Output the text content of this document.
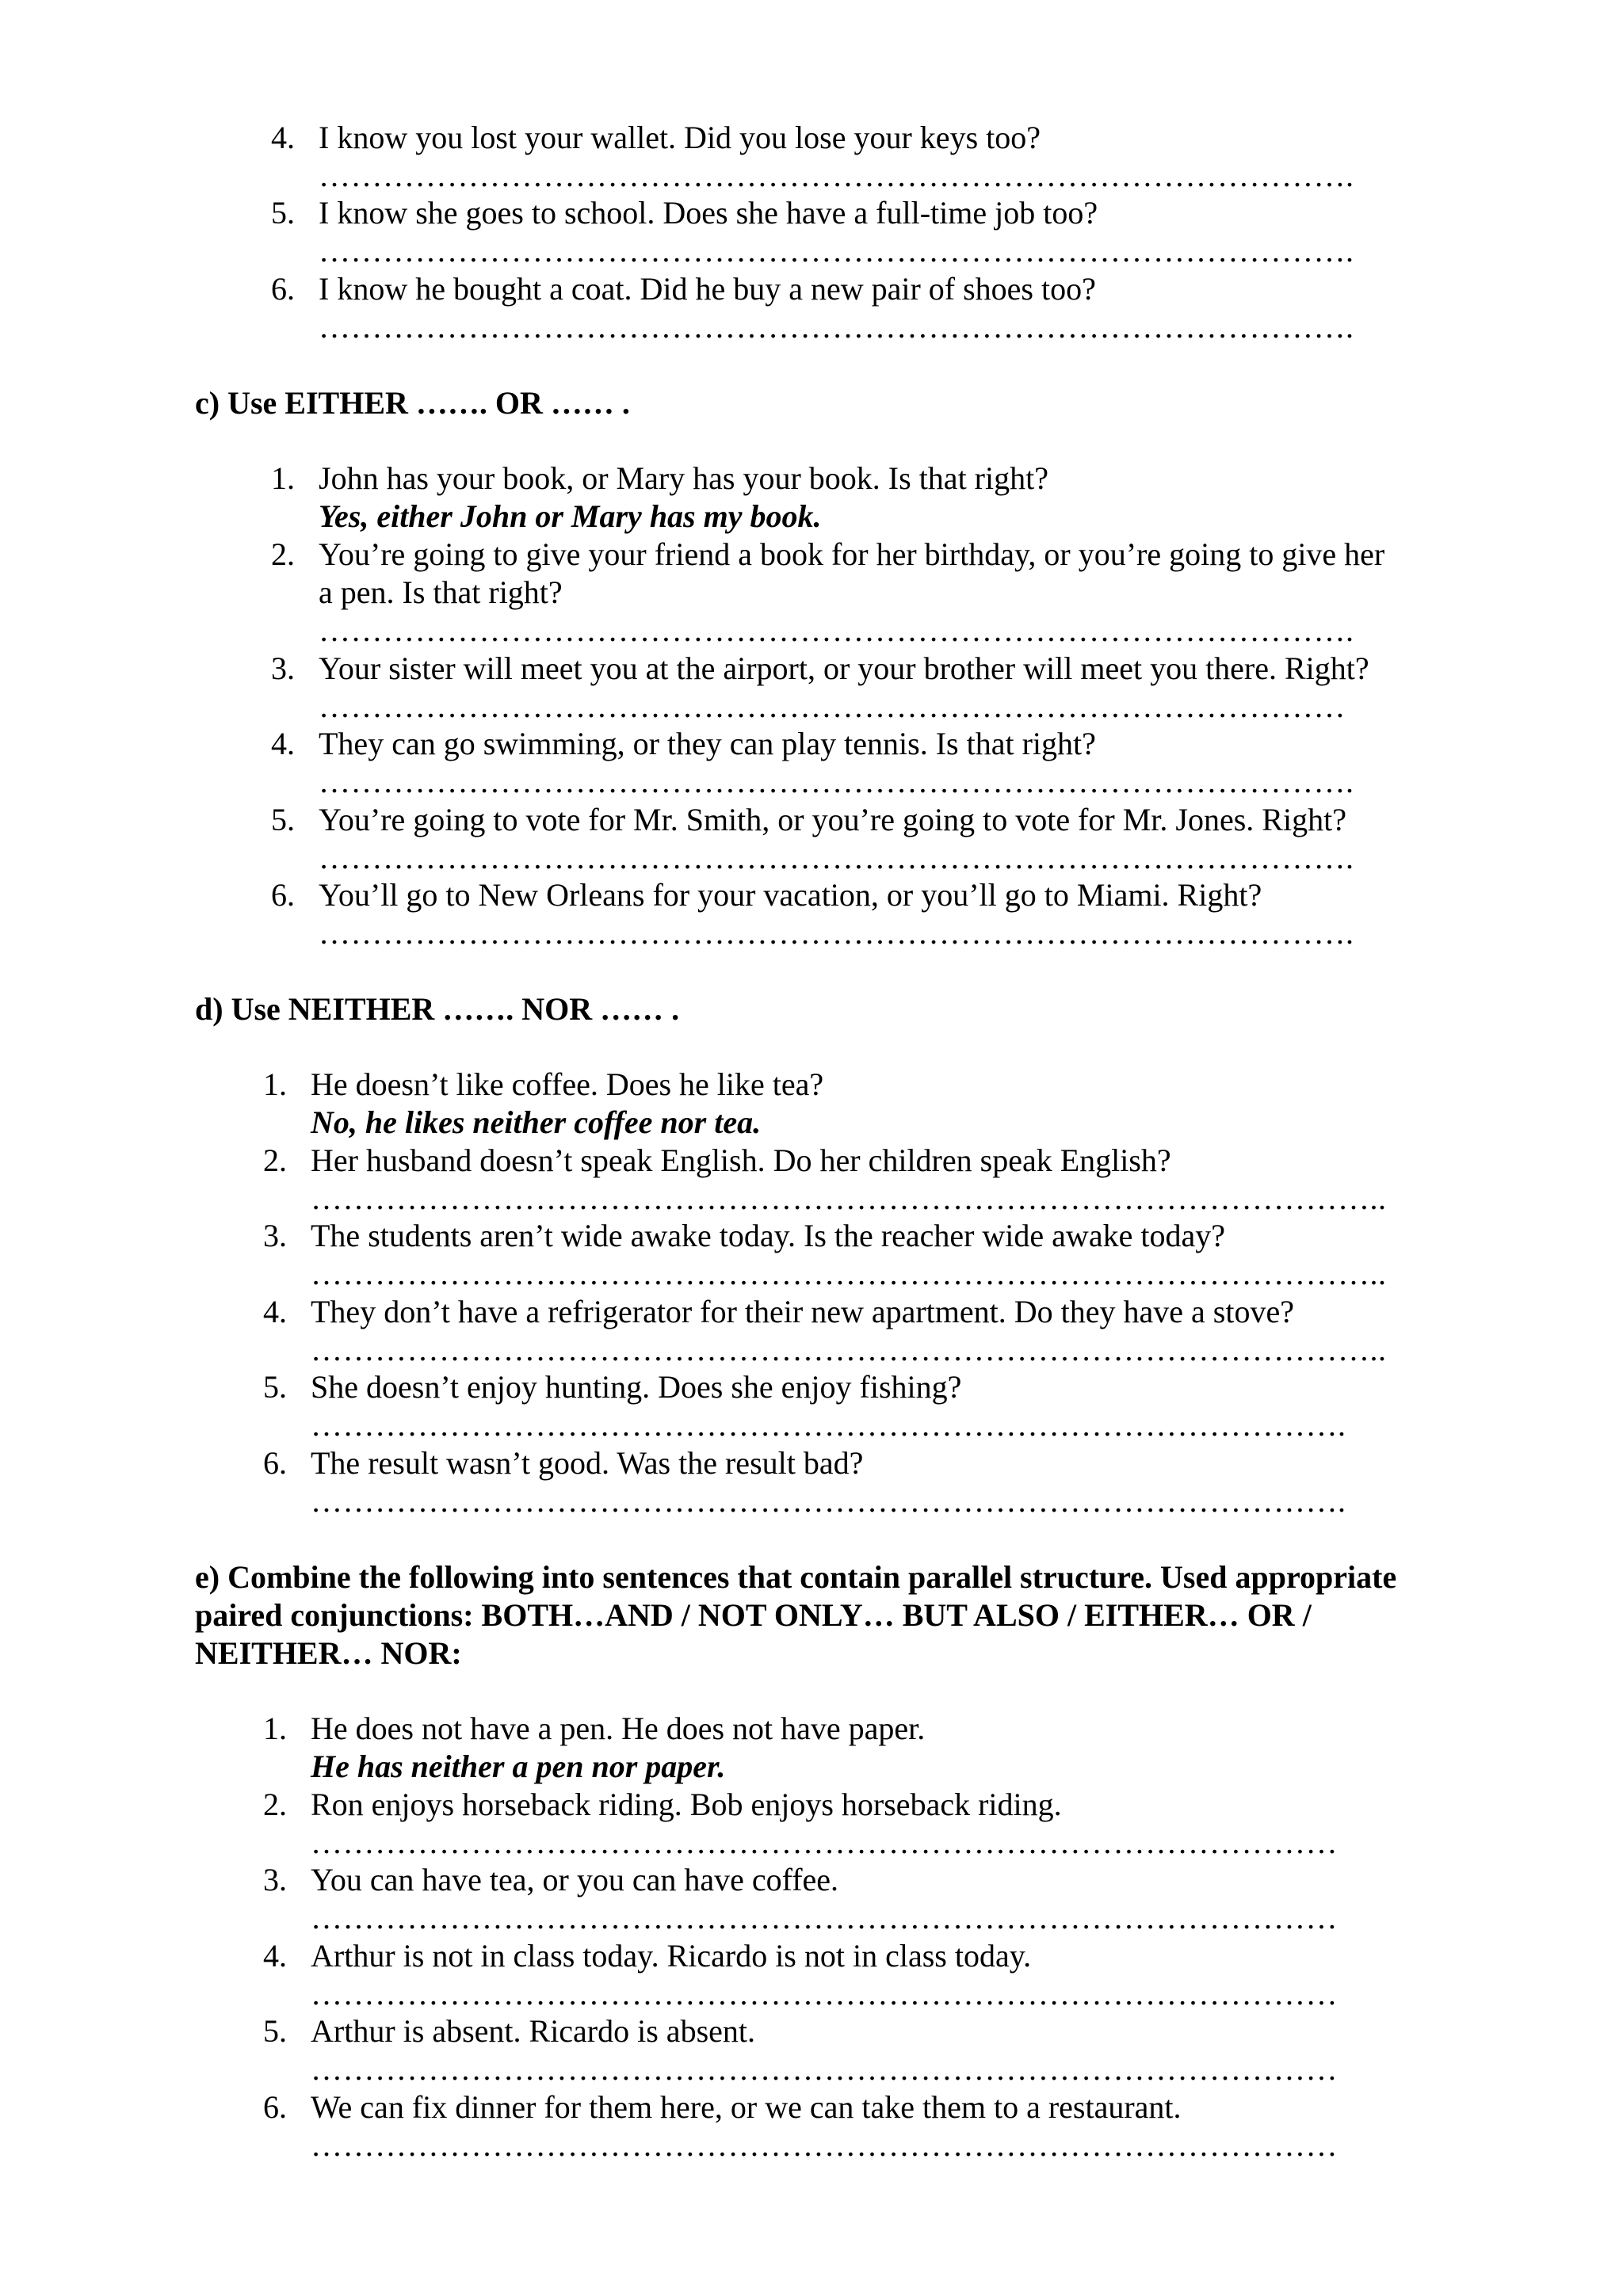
4. I know you lost your wallet. Did you lose your keys too?
…………………………………………………………………………………….
5. I know she goes to school. Does she have a full-time job too?
…………………………………………………………………………………….
6. I know he bought a coat. Did he buy a new pair of shoes too?
…………………………………………………………………………………….
c) Use EITHER ……. OR …… .
1. John has your book, or Mary has your book. Is that right?
Yes, either John or Mary has my book.
2. You’re going to give your friend a book for her birthday, or you’re going to give her
a pen. Is that right?
…………………………………………………………………………………….
3. Your sister will meet you at the airport, or your brother will meet you there. Right?
……………………………………………………………………………………
4. They can go swimming, or they can play tennis. Is that right?
…………………………………………………………………………………….
5. You’re going to vote for Mr. Smith, or you’re going to vote for Mr. Jones. Right?
…………………………………………………………………………………….
6. You’ll go to New Orleans for your vacation, or you’ll go to Miami. Right?
…………………………………………………………………………………….
d) Use NEITHER ……. NOR …… .
1. He doesn’t like coffee. Does he like tea?
No, he likes neither coffee nor tea.
2. Her husband doesn’t speak English. Do her children speak English?
………………………………………………………………………………………..
3. The students aren’t wide awake today. Is the reacher wide awake today?
………………………………………………………………………………………..
4. They don’t have a refrigerator for their new apartment. Do they have a stove?
………………………………………………………………………………………..
5. She doesn’t enjoy hunting. Does she enjoy fishing?
…………………………………………………………………………………….
6. The result wasn’t good. Was the result bad?
…………………………………………………………………………………….
e) Combine the following into sentences that contain parallel structure. Used appropriate
paired conjunctions: BOTH…AND / NOT ONLY… BUT ALSO / EITHER… OR /
NEITHER… NOR:
1. He does not have a pen. He does not have paper.
He has neither a pen nor paper.
2. Ron enjoys horseback riding. Bob enjoys horseback riding.
……………………………………………………………………………………
3. You can have tea, or you can have coffee.
……………………………………………………………………………………
4. Arthur is not in class today. Ricardo is not in class today.
……………………………………………………………………………………
5. Arthur is absent. Ricardo is absent.
……………………………………………………………………………………
6. We can fix dinner for them here, or we can take them to a restaurant.
……………………………………………………………………………………
